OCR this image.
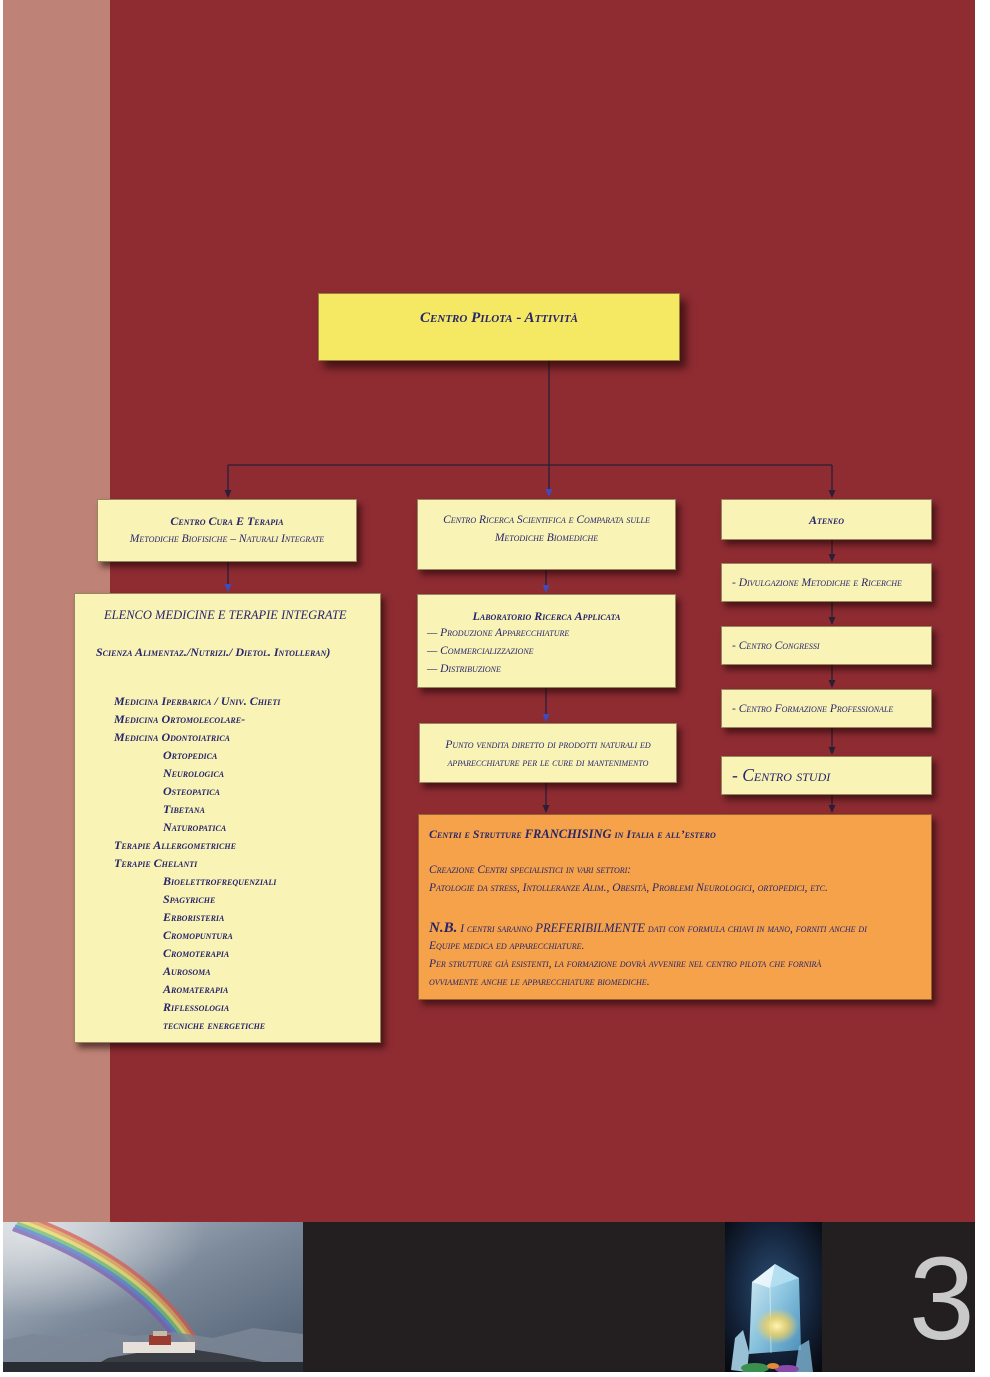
Centro Pilota - Attività
Centro Cura E Terapia
Metodiche Biofisiche – Naturali Integrate
Centro Ricerca Scientifica e Comparata sulle
Metodiche Biomediche
Ateneo
- Divulgazione Metodiche e Ricerche
- Centro Congressi
- Centro Formazione Professionale
- Centro studi
ELENCO MEDICINE E TERAPIE INTEGRATE
Scienza Alimentaz./Nutrizi./ Dietol. Intolleran)
Medicina Iperbarica / Univ. Chieti
Medicina Ortomolecolare-
Medicina Odontoiatrica
Ortopedica
Neurologica
Osteopatica
Tibetana
Naturopatica
Terapie Allergometriche
Terapie Chelanti
Bioelettrofrequenziali
Spagyriche
Erboristeria
Cromopuntura
Cromoterapia
Aurosoma
Aromaterapia
Riflessologia
tecniche energetiche
Laboratorio Ricerca Applicata
— Produzione Apparecchiature
— Commercializzazione
— Distribuzione
Punto vendita diretto di prodotti naturali ed
apparecchiature per le cure di mantenimento
Centri e Strutture FRANCHISING in Italia e all’estero
Creazione Centri specialistici in vari settori:
Patologie da stress, Intolleranze Alim., Obesità, Problemi Neurologici, ortopedici, etc.
N.B. I centri saranno PREFERIBILMENTE dati con formula chiavi in mano, forniti anche di
Equipe medica ed apparecchiature.
Per strutture già esistenti, la formazione dovrà avvenire nel centro pilota che fornirà
ovviamente anche le apparecchiature biomediche.
3
